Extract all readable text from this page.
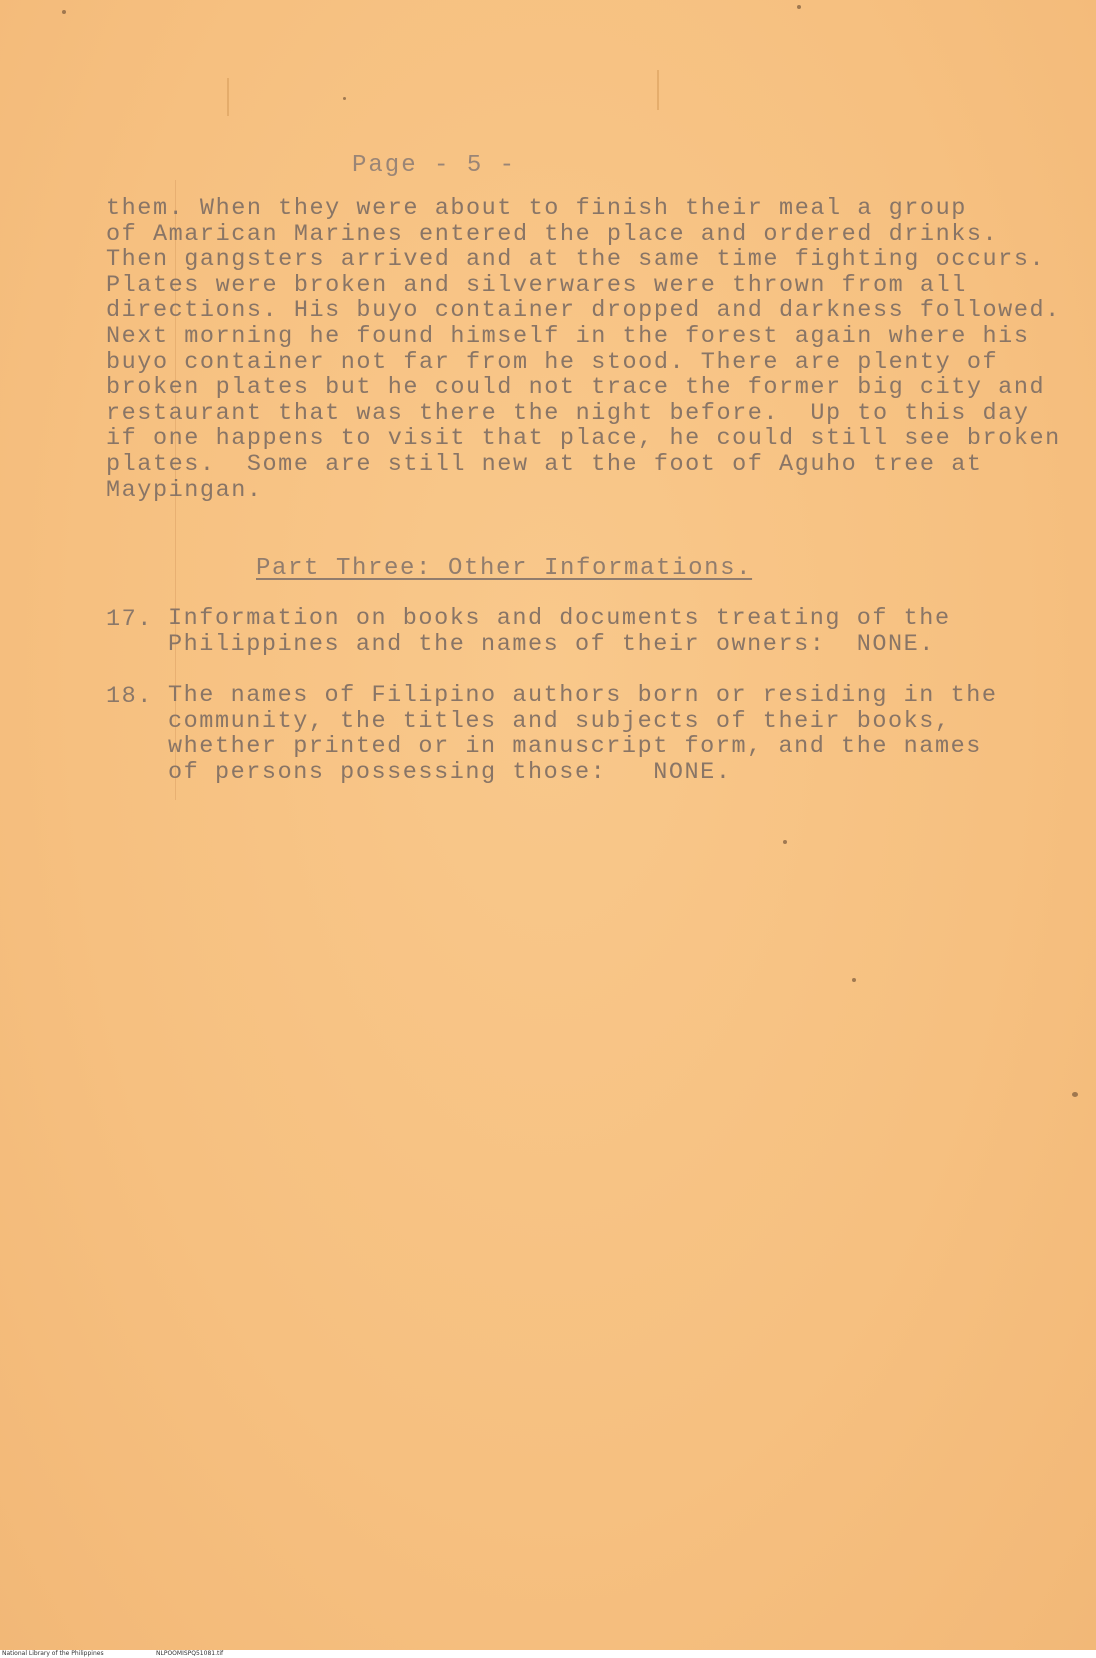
Page - 5 -
them. When they were about to finish their meal a group
of Amarican Marines entered the place and ordered drinks.
Then gangsters arrived and at the same time fighting occurs.
Plates were broken and silverwares were thrown from all
directions. His buyo container dropped and darkness followed.
Next morning he found himself in the forest again where his
buyo container not far from he stood. There are plenty of
broken plates but he could not trace the former big city and
restaurant that was there the night before.  Up to this day
if one happens to visit that place, he could still see broken
plates.  Some are still new at the foot of Aguho tree at
Maypingan.
Part Three: Other Informations.
17. Information on books and documents treating of the
Philippines and the names of their owners:  NONE.
18. The names of Filipino authors born or residing in the
community, the titles and subjects of their books,
whether printed or in manuscript form, and the names
of persons possessing those:   NONE.
National Library of the Philippines	NLPOOMISPQ51081.tif
